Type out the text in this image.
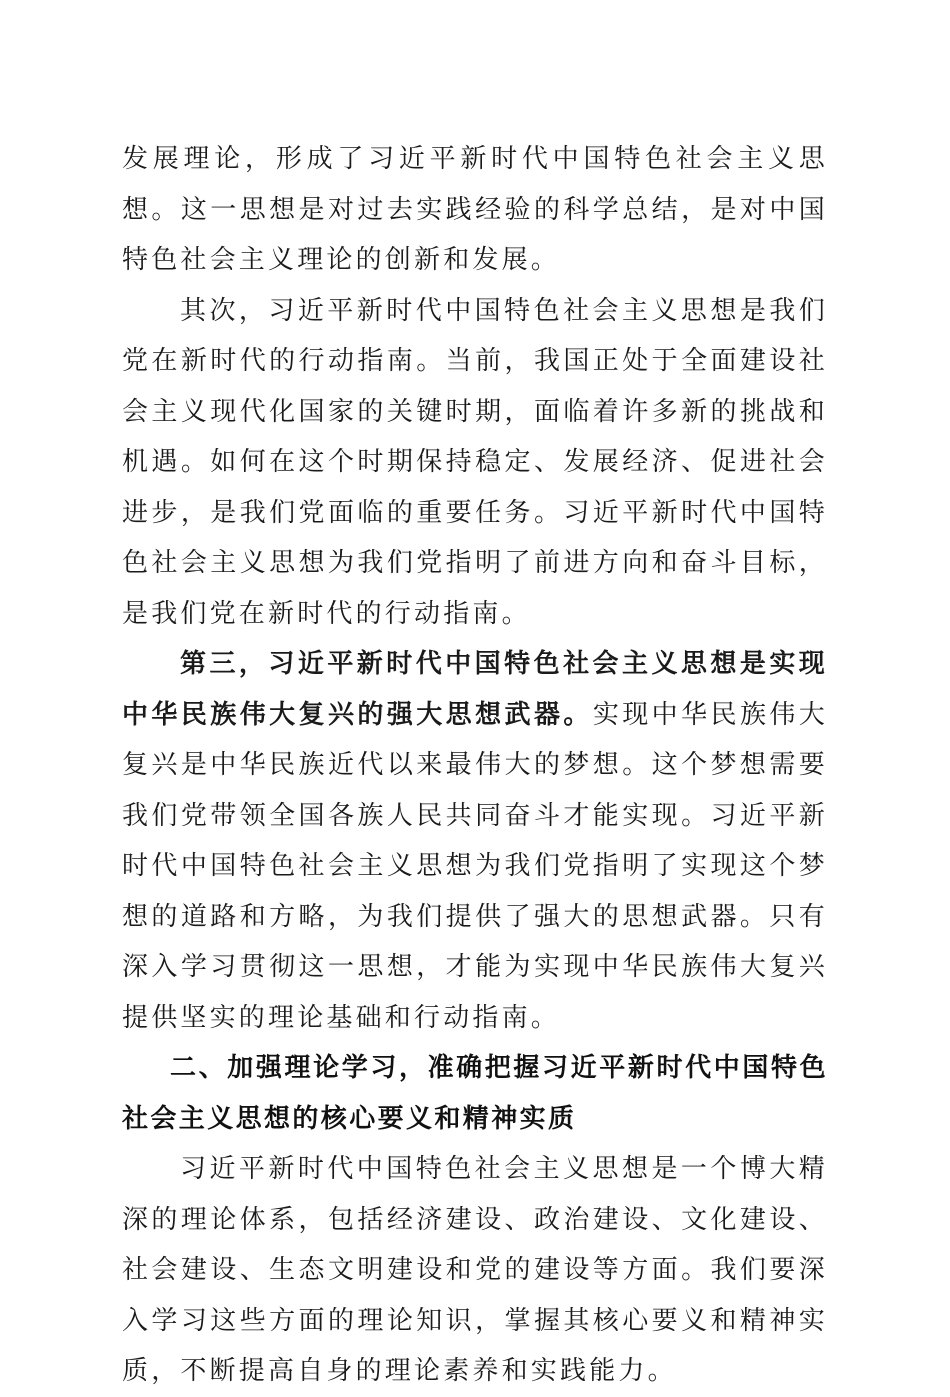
发展理论，形成了习近平新时代中国特色社会主义思想。这一思想是对过去实践经验的科学总结，是对中国特色社会主义理论的创新和发展。

其次，习近平新时代中国特色社会主义思想是我们党在新时代的行动指南。当前，我国正处于全面建设社会主义现代化国家的关键时期，面临着许多新的挑战和机遇。如何在这个时期保持稳定、发展经济、促进社会进步，是我们党面临的重要任务。习近平新时代中国特色社会主义思想为我们党指明了前进方向和奋斗目标，是我们党在新时代的行动指南。

第三，习近平新时代中国特色社会主义思想是实现中华民族伟大复兴的强大思想武器。实现中华民族伟大复兴是中华民族近代以来最伟大的梦想。这个梦想需要我们党带领全国各族人民共同奋斗才能实现。习近平新时代中国特色社会主义思想为我们党指明了实现这个梦想的道路和方略，为我们提供了强大的思想武器。只有深入学习贯彻这一思想，才能为实现中华民族伟大复兴提供坚实的理论基础和行动指南。

二、加强理论学习，准确把握习近平新时代中国特色社会主义思想的核心要义和精神实质

习近平新时代中国特色社会主义思想是一个博大精深的理论体系，包括经济建设、政治建设、文化建设、社会建设、生态文明建设和党的建设等方面。我们要深入学习这些方面的理论知识，掌握其核心要义和精神实质，不断提高自身的理论素养和实践能力。
